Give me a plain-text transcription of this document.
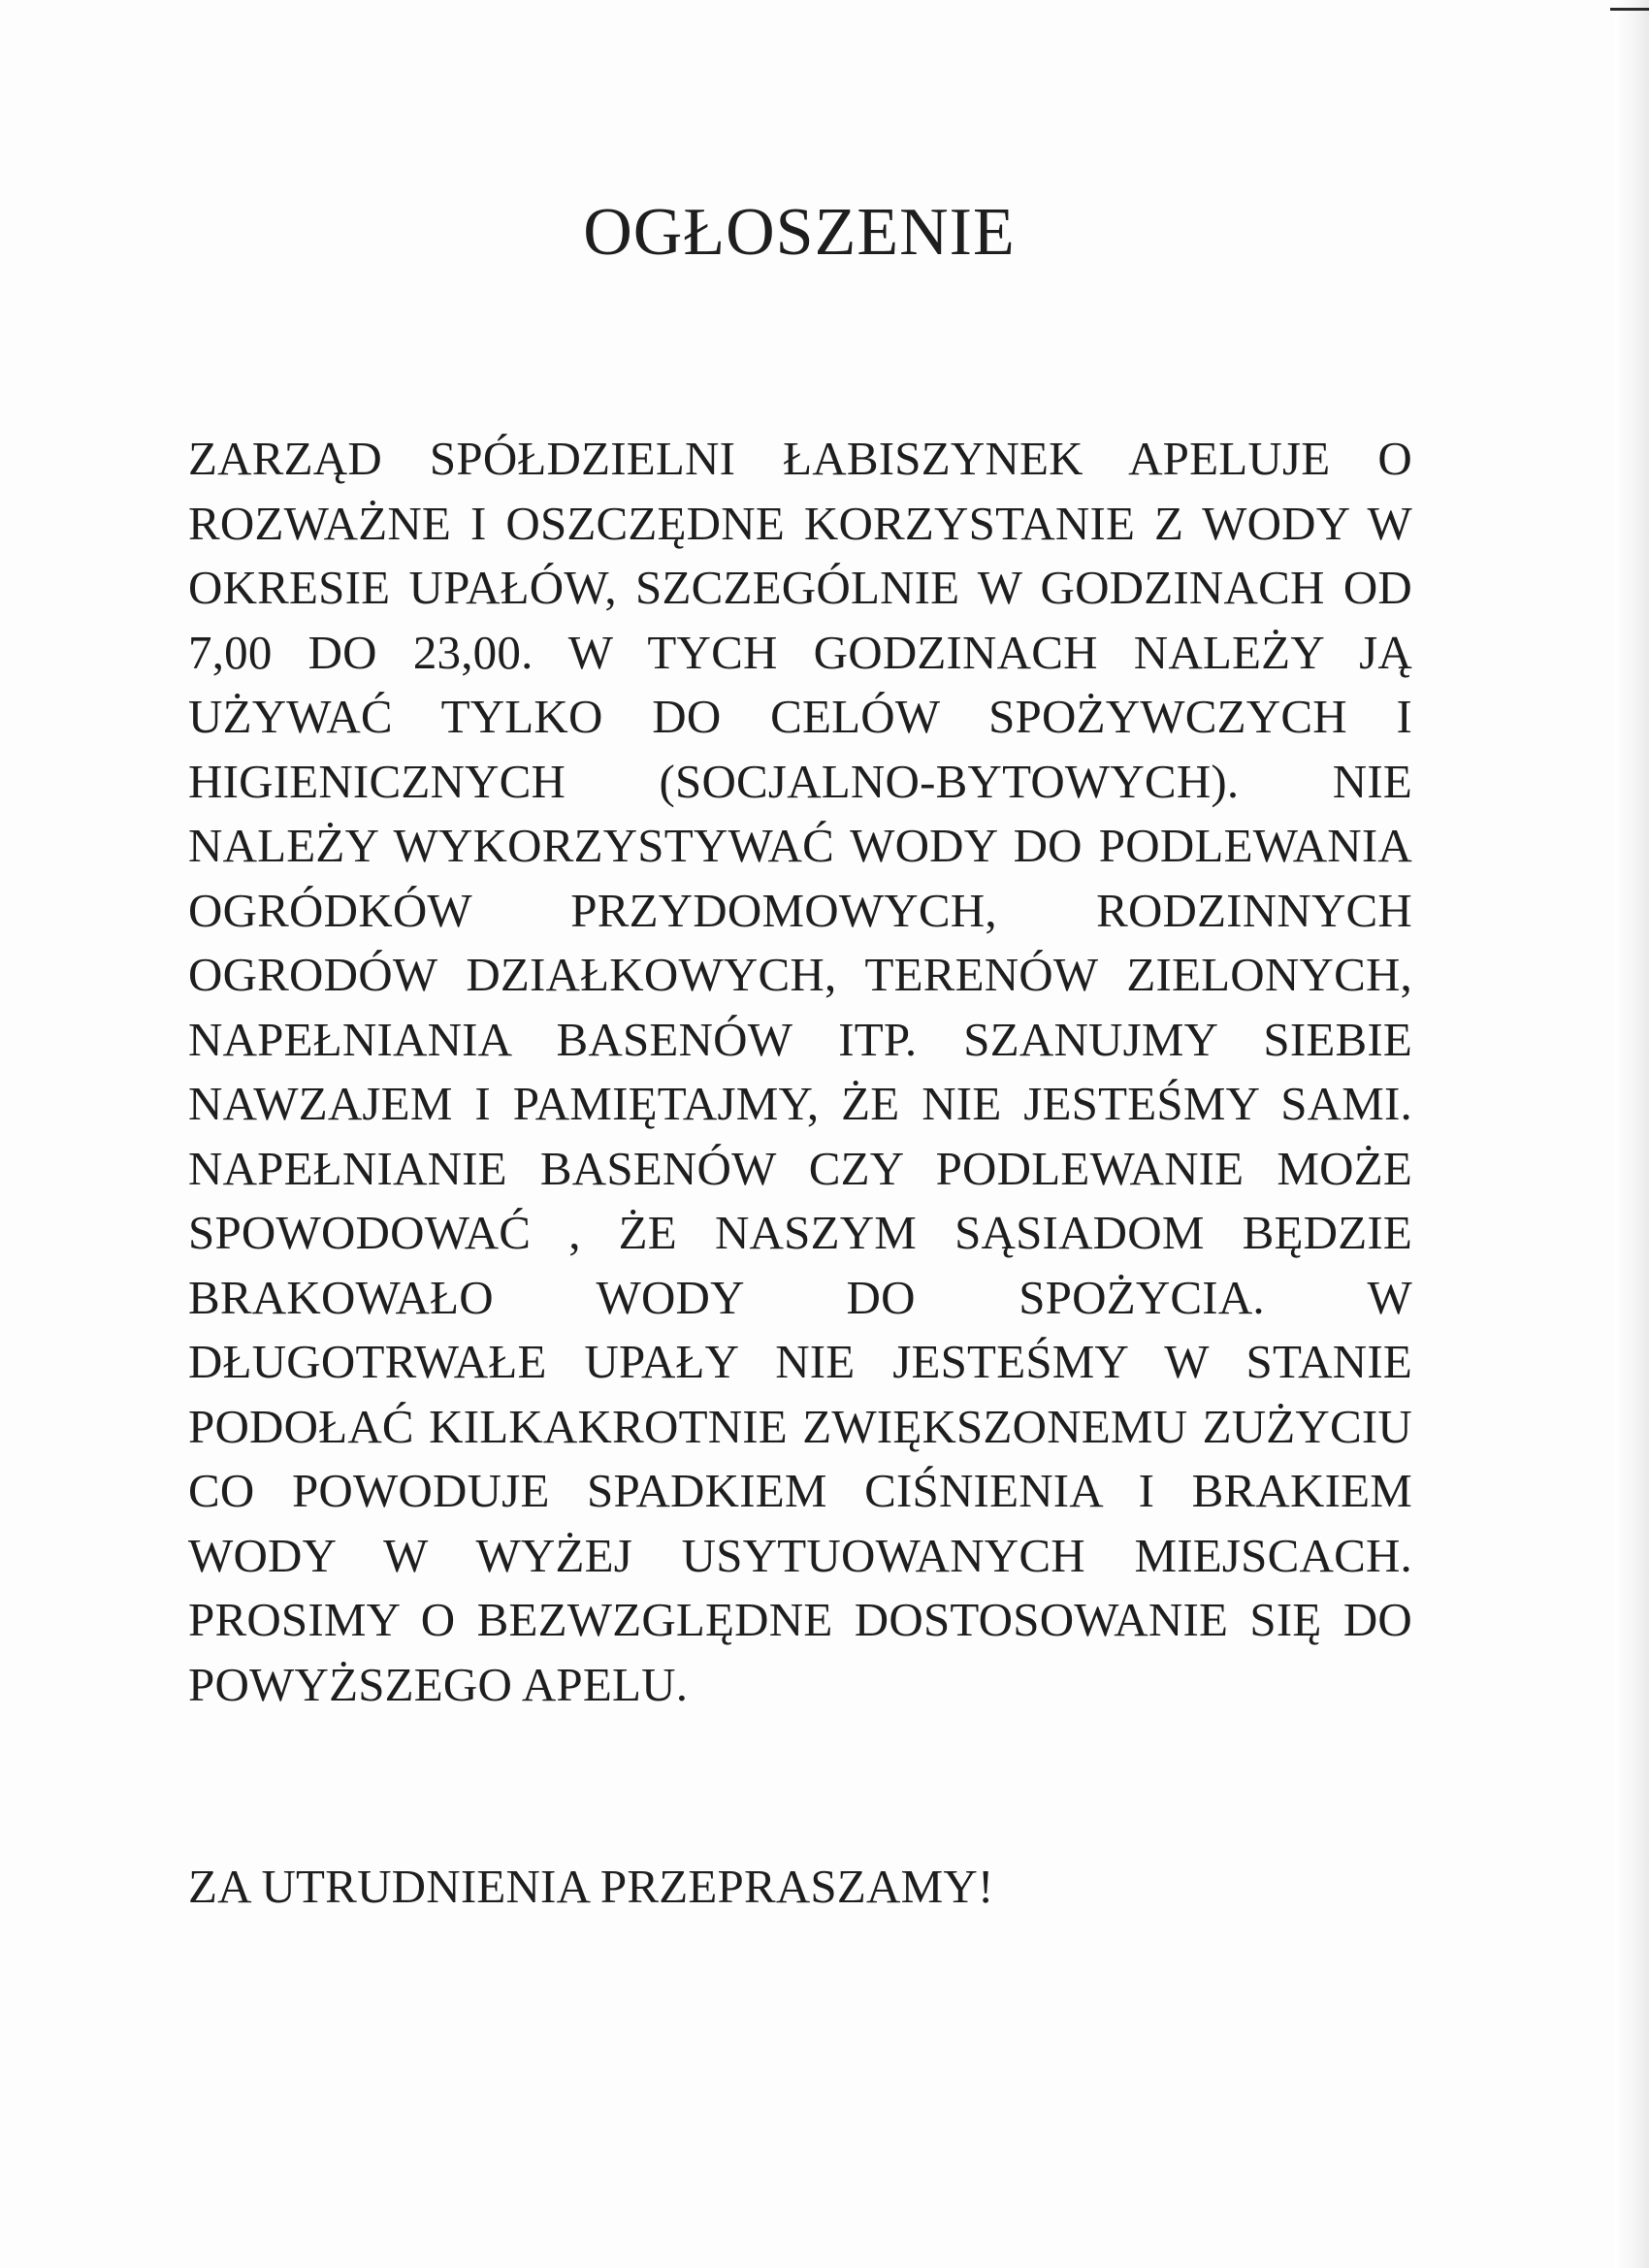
OGŁOSZENIE

ZARZĄD SPÓŁDZIELNI ŁABISZYNEK APELUJE O ROZWAŻNE I OSZCZĘDNE KORZYSTANIE Z WODY W OKRESIE UPAŁÓW, SZCZEGÓLNIE W GODZINACH OD 7,00 DO 23,00. W TYCH GODZINACH NALEŻY JĄ UŻYWAĆ TYLKO DO CELÓW SPOŻYWCZYCH I HIGIENICZNYCH (SOCJALNO-BYTOWYCH). NIE NALEŻY WYKORZYSTYWAĆ WODY DO PODLEWANIA OGRÓDKÓW PRZYDOMOWYCH, RODZINNYCH OGRODÓW DZIAŁKOWYCH, TERENÓW ZIELONYCH, NAPEŁNIANIA BASENÓW ITP. SZANUJMY SIEBIE NAWZAJEM I PAMIĘTAJMY, ŻE NIE JESTEŚMY SAMI. NAPEŁNIANIE BASENÓW CZY PODLEWANIE MOŻE SPOWODOWAĆ , ŻE NASZYM SĄSIADOM BĘDZIE BRAKOWAŁO WODY DO SPOŻYCIA. W DŁUGOTRWAŁE UPAŁY NIE JESTEŚMY W STANIE PODOŁAĆ KILKAKROTNIE ZWIĘKSZONEMU ZUŻYCIU CO POWODUJE SPADKIEM CIŚNIENIA I BRAKIEM WODY W WYŻEJ USYTUOWANYCH MIEJSCACH. PROSIMY O BEZWZGLĘDNE DOSTOSOWANIE SIĘ DO POWYŻSZEGO APELU.

ZA UTRUDNIENIA PRZEPRASZAMY!
